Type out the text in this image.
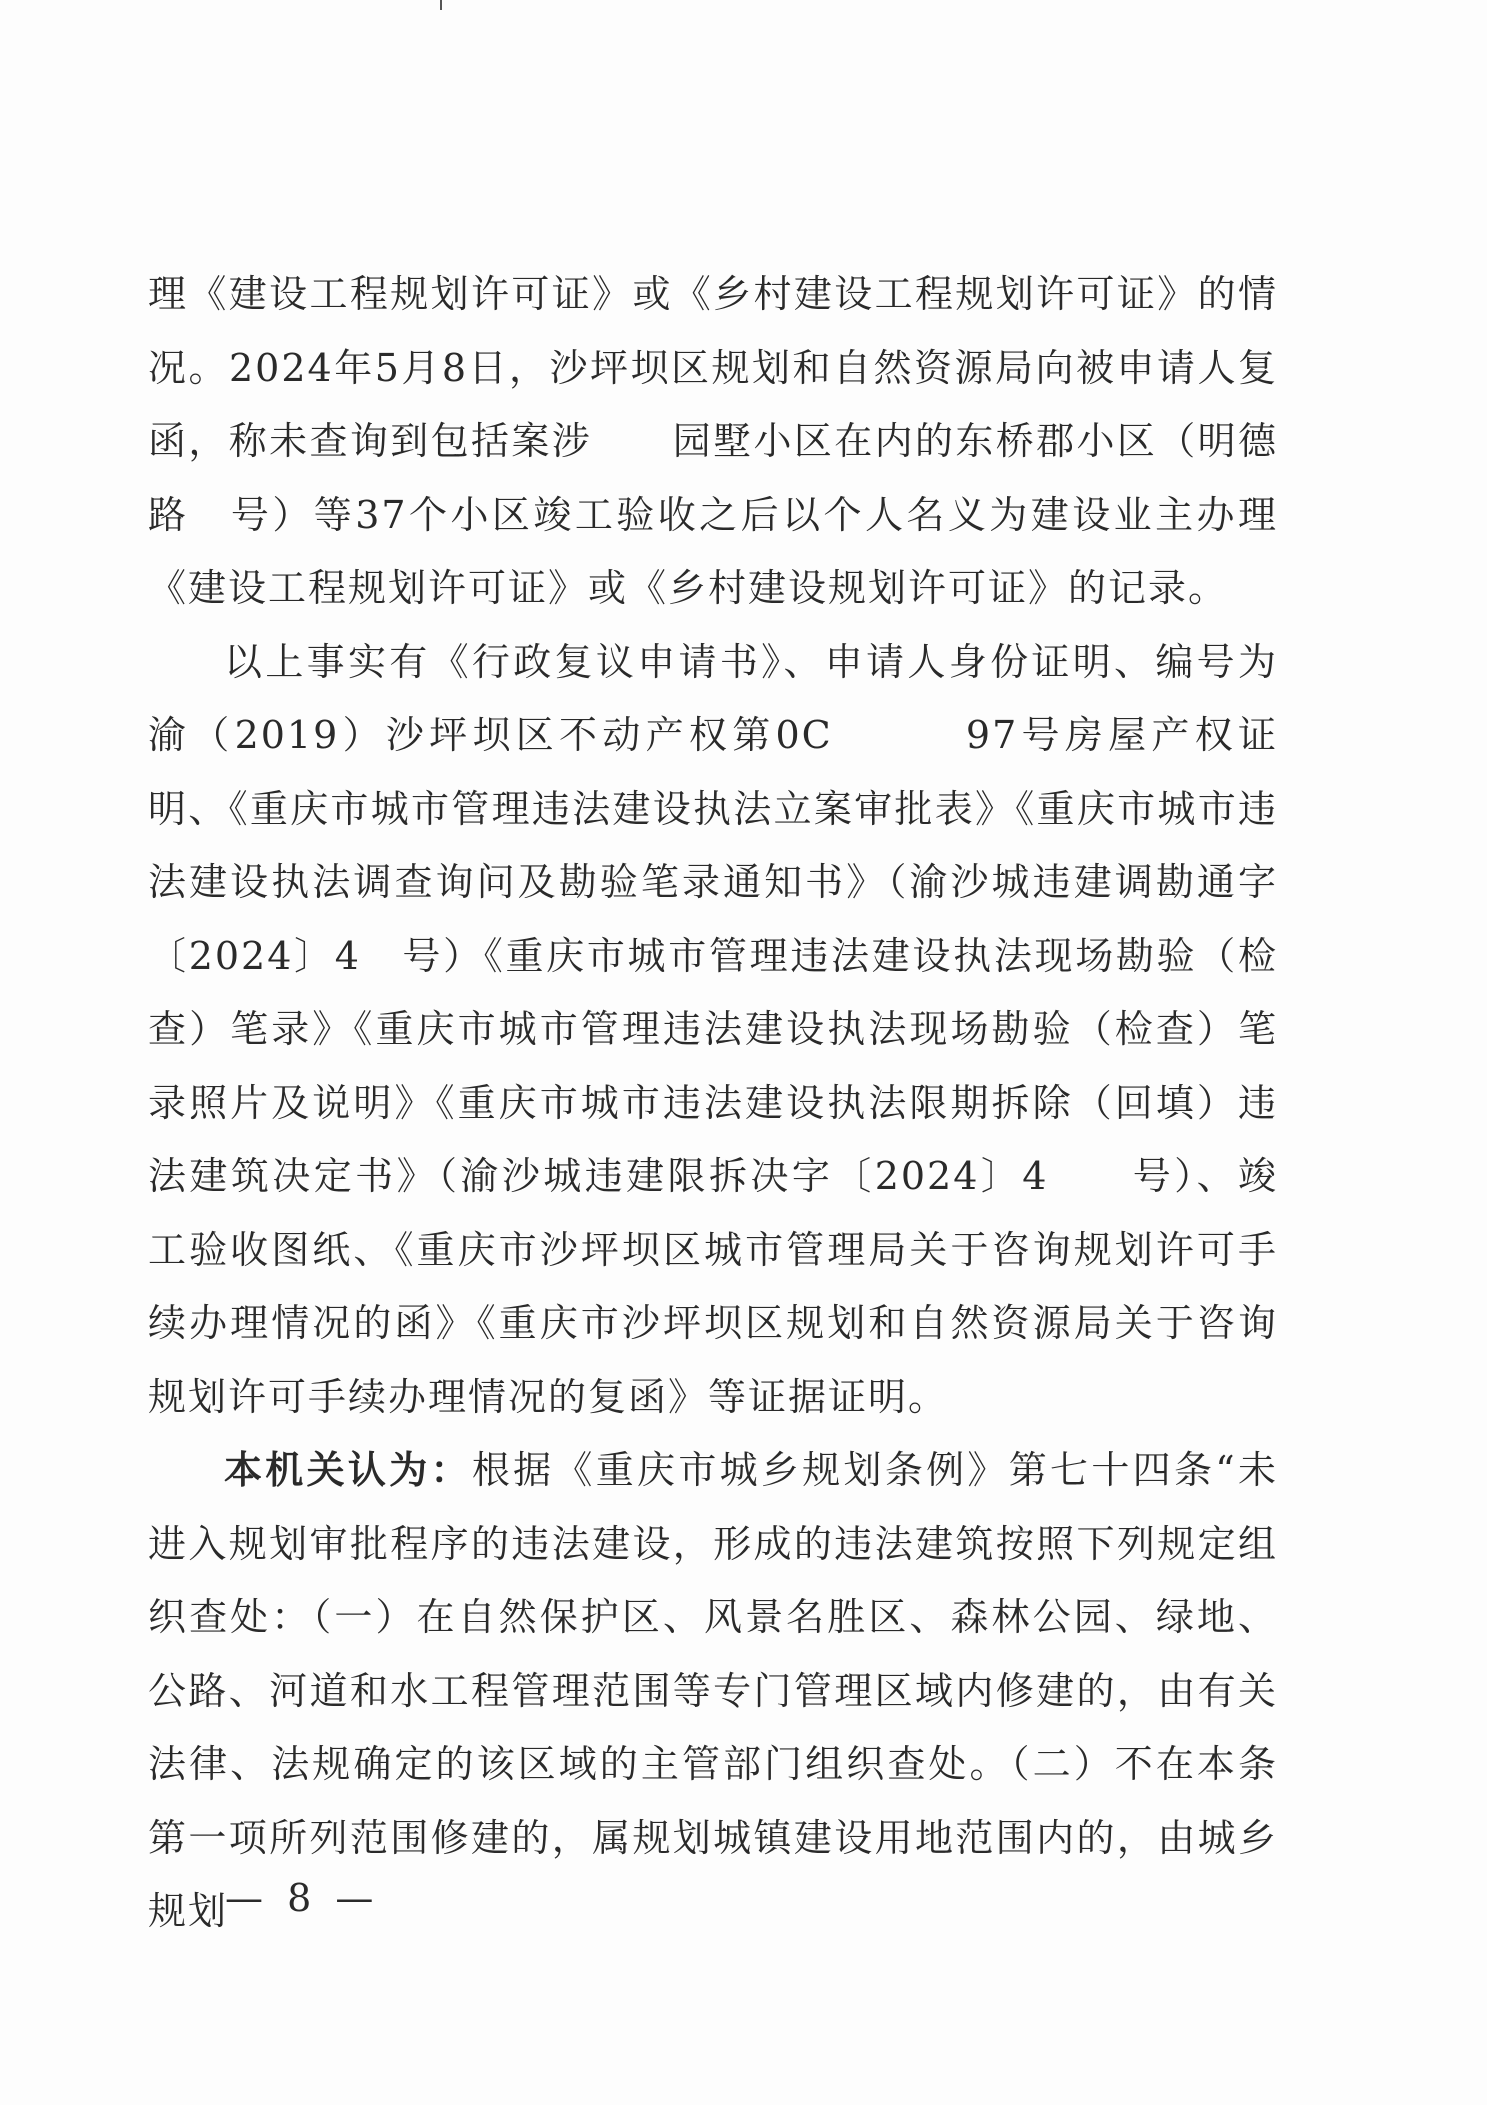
理《建设工程规划许可证》或《乡村建设工程规划许可证》的情况。2024年5月8日，沙坪坝区规划和自然资源局向被申请人复函，称未查询到包括案涉　　园墅小区在内的东桥郡小区（明德路　号）等37个小区竣工验收之后以个人名义为建设业主办理《建设工程规划许可证》或《乡村建设规划许可证》的记录。

以上事实有《行政复议申请书》、申请人身份证明、编号为渝（2019）沙坪坝区不动产权第0C　　　97号房屋产权证明、《重庆市城市管理违法建设执法立案审批表》《重庆市城市违法建设执法调查询问及勘验笔录通知书》（渝沙城违建调勘通字〔2024〕4　号）《重庆市城市管理违法建设执法现场勘验（检查）笔录》《重庆市城市管理违法建设执法现场勘验（检查）笔录照片及说明》《重庆市城市违法建设执法限期拆除（回填）违法建筑决定书》（渝沙城违建限拆决字〔2024〕4　　号）、竣工验收图纸、《重庆市沙坪坝区城市管理局关于咨询规划许可手续办理情况的函》《重庆市沙坪坝区规划和自然资源局关于咨询规划许可手续办理情况的复函》等证据证明。

本机关认为：根据《重庆市城乡规划条例》第七十四条“未进入规划审批程序的违法建设，形成的违法建筑按照下列规定组织查处：（一）在自然保护区、风景名胜区、森林公园、绿地、公路、河道和水工程管理范围等专门管理区域内修建的，由有关法律、法规确定的该区域的主管部门组织查处。（二）不在本条第一项所列范围修建的，属规划城镇建设用地范围内的，由城乡规划

— 8 —
